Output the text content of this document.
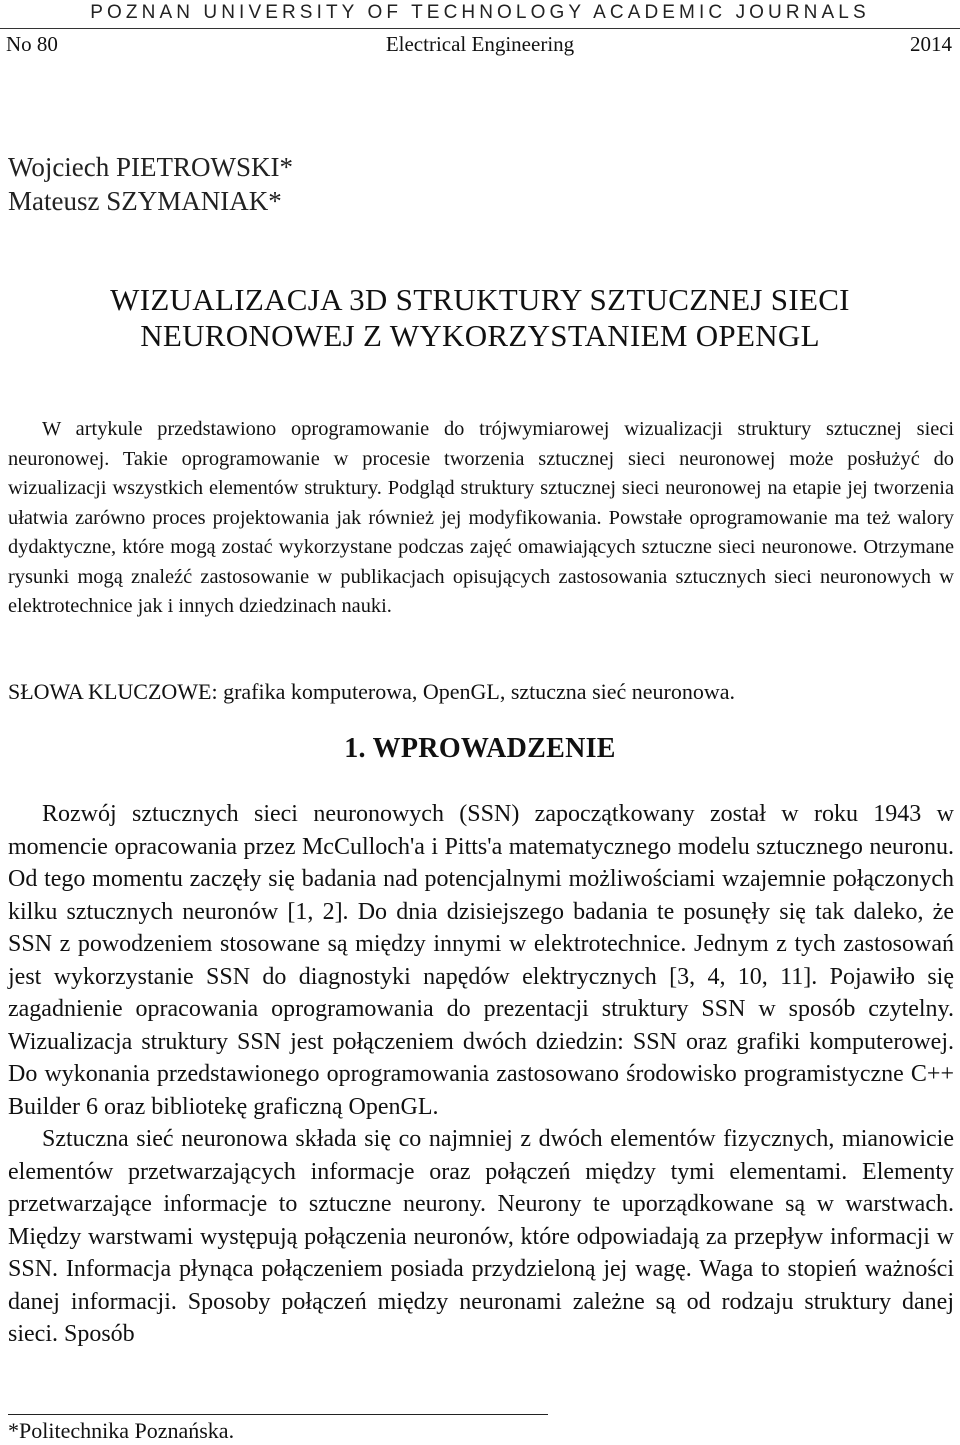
POZNAN UNIVERSITY OF TECHNOLOGY ACADEMIC JOURNALS
Electrical Engineering
No 80	2014
Wojciech PIETROWSKI*
Mateusz SZYMANIAK*
WIZUALIZACJA 3D STRUKTURY SZTUCZNEJ SIECI
NEURONOWEJ Z WYKORZYSTANIEM OPENGL
W artykule przedstawiono oprogramowanie do trójwymiarowej wizualizacji struktury sztucznej sieci neuronowej. Takie oprogramowanie w procesie tworzenia sztucznej sieci neuronowej może posłużyć do wizualizacji wszystkich elementów struktury. Podgląd struktury sztucznej sieci neuronowej na etapie jej tworzenia ułatwia zarówno proces projektowania jak również jej modyfikowania. Powstałe oprogramowanie ma też walory dydaktyczne, które mogą zostać wykorzystane podczas zajęć omawiających sztuczne sieci neuronowe. Otrzymane rysunki mogą znaleźć zastosowanie w publikacjach opisujących zastosowania sztucznych sieci neuronowych w elektrotechnice jak i innych dziedzinach nauki.
SŁOWA KLUCZOWE: grafika komputerowa, OpenGL, sztuczna sieć neuronowa.
1. WPROWADZENIE

Rozwój sztucznych sieci neuronowych (SSN) zapoczątkowany został w roku 1943 w momencie opracowania przez McCulloch'a i Pitts'a matematycznego modelu sztucznego neuronu. Od tego momentu zaczęły się badania nad potencjalnymi możliwościami wzajemnie połączonych kilku sztucznych neuronów [1, 2]. Do dnia dzisiejszego badania te posunęły się tak daleko, że SSN z powodzeniem stosowane są między innymi w elektrotechnice. Jednym z tych zastosowań jest wykorzystanie SSN do diagnostyki napędów elektrycznych [3, 4, 10, 11]. Pojawiło się zagadnienie opracowania oprogramowania do prezentacji struktury SSN w sposób czytelny. Wizualizacja struktury SSN jest połączeniem dwóch dziedzin: SSN oraz grafiki komputerowej. Do wykonania przedstawionego oprogramowania zastosowano środowisko programistyczne C++ Builder 6 oraz bibliotekę graficzną OpenGL.

Sztuczna sieć neuronowa składa się co najmniej z dwóch elementów fizycznych, mianowicie elementów przetwarzających informacje oraz połączeń między tymi elementami. Elementy przetwarzające informacje to sztuczne neurony. Neurony te uporządkowane są w warstwach. Między warstwami występują połączenia neuronów, które odpowiadają za przepływ informacji w SSN. Informacja płynąca połączeniem posiada przydzieloną jej wagę. Waga to stopień ważności danej informacji. Sposoby połączeń między neuronami zależne są od rodzaju struktury danej sieci. Sposób

*Politechnika Poznańska.
